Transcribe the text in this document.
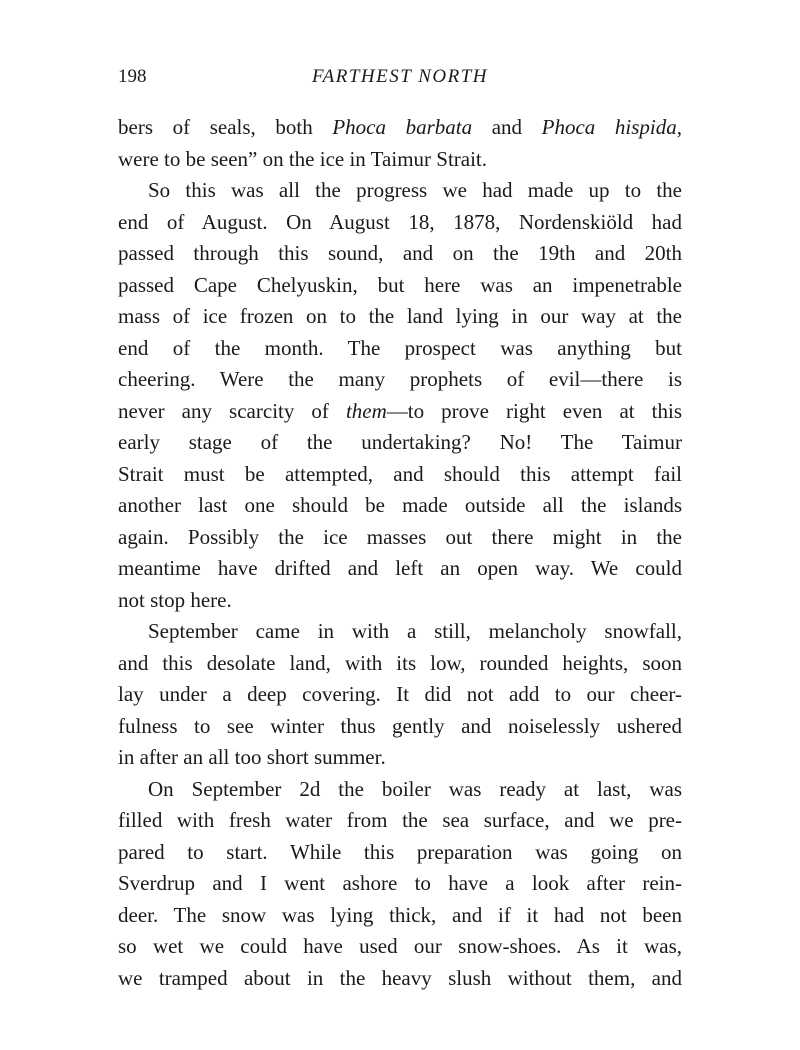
198	FARTHEST NORTH
bers of seals, both Phoca barbata and Phoca hispida,
were to be seen” on the ice in Taimur Strait.
So this was all the progress we had made up to the
end of August. On August 18, 1878, Nordenskiöld had
passed through this sound, and on the 19th and 20th
passed Cape Chelyuskin, but here was an impenetrable
mass of ice frozen on to the land lying in our way at the
end of the month. The prospect was anything but
cheering. Were the many prophets of evil—there is
never any scarcity of them—to prove right even at this
early stage of the undertaking? No! The Taimur
Strait must be attempted, and should this attempt fail
another last one should be made outside all the islands
again. Possibly the ice masses out there might in the
meantime have drifted and left an open way. We could
not stop here.
September came in with a still, melancholy snowfall,
and this desolate land, with its low, rounded heights, soon
lay under a deep covering. It did not add to our cheer-
fulness to see winter thus gently and noiselessly ushered
in after an all too short summer.
On September 2d the boiler was ready at last, was
filled with fresh water from the sea surface, and we pre-
pared to start. While this preparation was going on
Sverdrup and I went ashore to have a look after rein-
deer. The snow was lying thick, and if it had not been
so wet we could have used our snow-shoes. As it was,
we tramped about in the heavy slush without them, and
